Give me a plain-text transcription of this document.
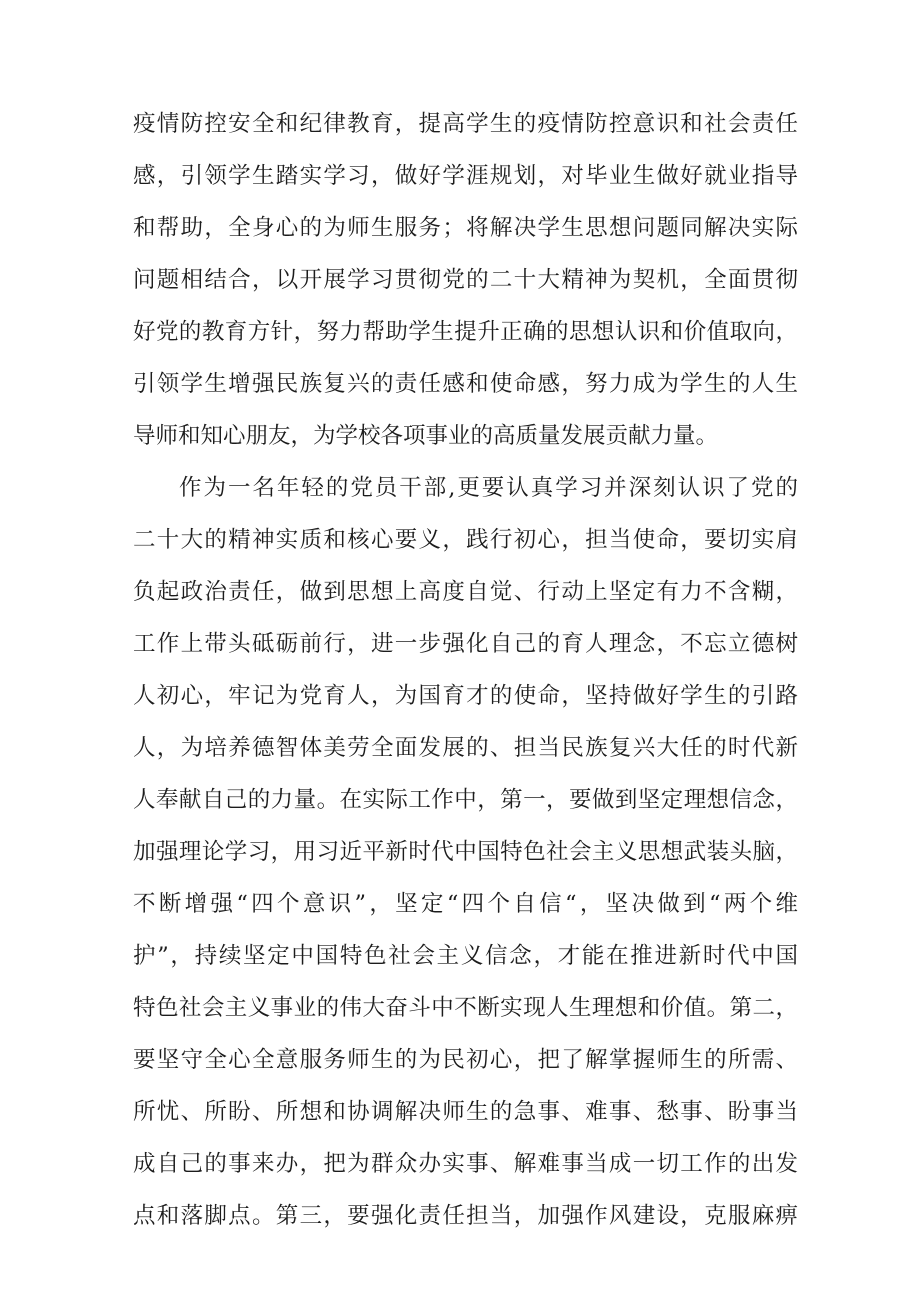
疫情防控安全和纪律教育，提高学生的疫情防控意识和社会责任
感，引领学生踏实学习，做好学涯规划，对毕业生做好就业指导
和帮助，全身心的为师生服务；将解决学生思想问题同解决实际
问题相结合，以开展学习贯彻党的二十大精神为契机，全面贯彻
好党的教育方针，努力帮助学生提升正确的思想认识和价值取向，
引领学生增强民族复兴的责任感和使命感，努力成为学生的人生
导师和知心朋友，为学校各项事业的高质量发展贡献力量。
作为一名年轻的党员干部,更要认真学习并深刻认识了党的
二十大的精神实质和核心要义，践行初心，担当使命，要切实肩
负起政治责任，做到思想上高度自觉、行动上坚定有力不含糊，
工作上带头砥砺前行，进一步强化自己的育人理念，不忘立德树
人初心，牢记为党育人，为国育才的使命，坚持做好学生的引路
人，为培养德智体美劳全面发展的、担当民族复兴大任的时代新
人奉献自己的力量。在实际工作中，第一，要做到坚定理想信念，
加强理论学习，用习近平新时代中国特色社会主义思想武装头脑，
不断增强“四个意识”，坚定“四个自信“，坚决做到“两个维
护”，持续坚定中国特色社会主义信念，才能在推进新时代中国
特色社会主义事业的伟大奋斗中不断实现人生理想和价值。第二，
要坚守全心全意服务师生的为民初心，把了解掌握师生的所需、
所忧、所盼、所想和协调解决师生的急事、难事、愁事、盼事当
成自己的事来办，把为群众办实事、解难事当成一切工作的出发
点和落脚点。第三，要强化责任担当，加强作风建设，克服麻痹
